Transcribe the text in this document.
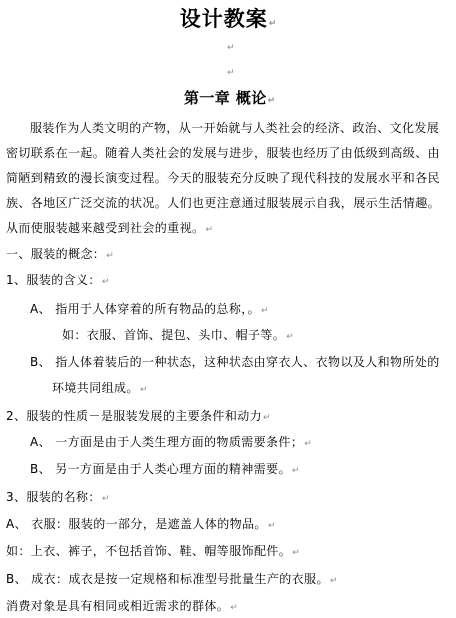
设计教案↵
↵
↵
第一章 概论↵
服装作为人类文明的产物，从一开始就与人类社会的经济、政治、文化发展
密切联系在一起。随着人类社会的发展与进步，服装也经历了由低级到高级、由
简陋到精致的漫长演变过程。今天的服装充分反映了现代科技的发展水平和各民
族、各地区广泛交流的状况。人们也更注意通过服装展示自我，展示生活情趣。
从而使服装越来越受到社会的重视。↵
一、服装的概念：↵
1、服装的含义：↵
A、 指用于人体穿着的所有物品的总称，。↵
如：衣服、首饰、提包、头巾、帽子等。↵
B、 指人体着装后的一种状态，这种状态由穿衣人、衣物以及人和物所处的
环境共同组成。↵
2、服装的性质－是服装发展的主要条件和动力↵
A、 一方面是由于人类生理方面的物质需要条件；↵
B、 另一方面是由于人类心理方面的精神需要。↵
3、服装的名称：↵
A、 衣服：服装的一部分，是遮盖人体的物品。↵
如：上衣、裤子，不包括首饰、鞋、帽等服饰配件。↵
B、 成衣：成衣是按一定规格和标准型号批量生产的衣服。↵
消费对象是具有相同或相近需求的群体。↵
